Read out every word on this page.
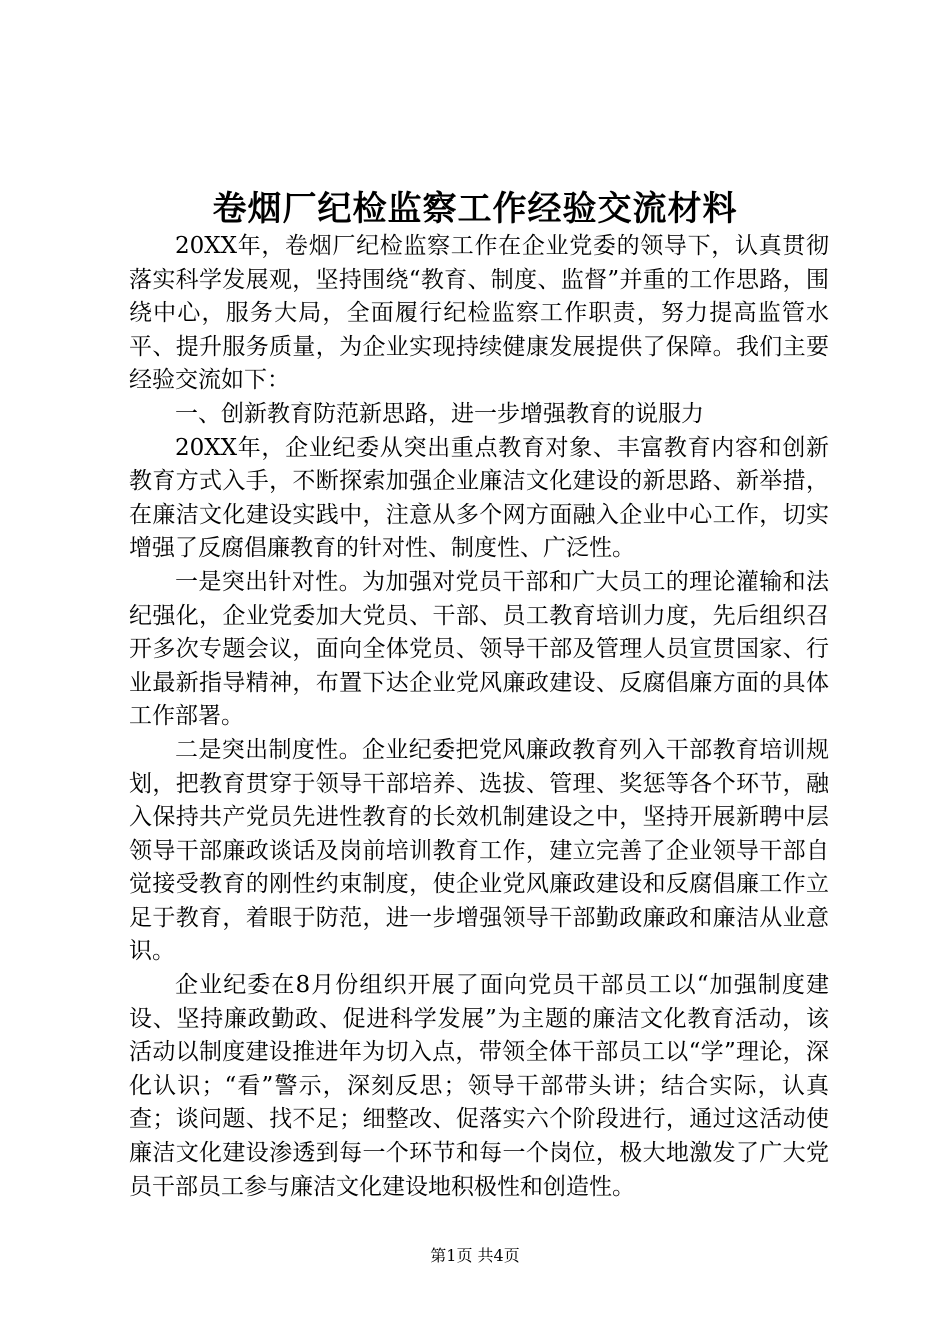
卷烟厂纪检监察工作经验交流材料

20XX年，卷烟厂纪检监察工作在企业党委的领导下，认真贯彻落实科学发展观，坚持围绕“教育、制度、监督”并重的工作思路，围绕中心，服务大局，全面履行纪检监察工作职责，努力提高监管水平、提升服务质量，为企业实现持续健康发展提供了保障。我们主要经验交流如下：

一、创新教育防范新思路，进一步增强教育的说服力

20XX年，企业纪委从突出重点教育对象、丰富教育内容和创新教育方式入手，不断探索加强企业廉洁文化建设的新思路、新举措，在廉洁文化建设实践中，注意从多个网方面融入企业中心工作，切实增强了反腐倡廉教育的针对性、制度性、广泛性。

一是突出针对性。为加强对党员干部和广大员工的理论灌输和法纪强化，企业党委加大党员、干部、员工教育培训力度，先后组织召开多次专题会议，面向全体党员、领导干部及管理人员宣贯国家、行业最新指导精神，布置下达企业党风廉政建设、反腐倡廉方面的具体工作部署。

二是突出制度性。企业纪委把党风廉政教育列入干部教育培训规划，把教育贯穿于领导干部培养、选拔、管理、奖惩等各个环节，融入保持共产党员先进性教育的长效机制建设之中，坚持开展新聘中层领导干部廉政谈话及岗前培训教育工作，建立完善了企业领导干部自觉接受教育的刚性约束制度，使企业党风廉政建设和反腐倡廉工作立足于教育，着眼于防范，进一步增强领导干部勤政廉政和廉洁从业意识。

企业纪委在8月份组织开展了面向党员干部员工以“加强制度建设、坚持廉政勤政、促进科学发展”为主题的廉洁文化教育活动，该活动以制度建设推进年为切入点，带领全体干部员工以“学”理论，深化认识；“看”警示，深刻反思；领导干部带头讲；结合实际，认真查；谈问题、找不足；细整改、促落实六个阶段进行，通过这活动使廉洁文化建设渗透到每一个环节和每一个岗位，极大地激发了广大党员干部员工参与廉洁文化建设地积极性和创造性。

第1页 共4页
